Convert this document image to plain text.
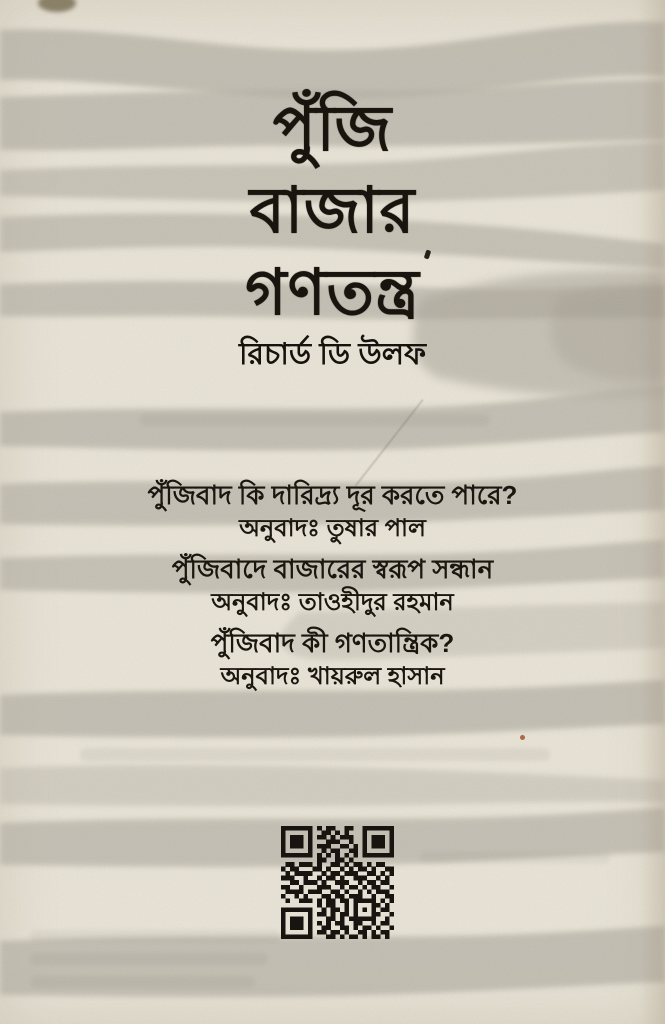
পুঁজি
বাজার
গণতন্ত্র
রিচার্ড ডি উলফ
পুঁজিবাদ কি দারিদ্র্য দূর করতে পারে?
অনুবাদঃ তুষার পাল
পুঁজিবাদে বাজারের স্বরূপ সন্ধান
অনুবাদঃ তাওহীদুর রহমান
পুঁজিবাদ কী গণতান্ত্রিক?
অনুবাদঃ খায়রুল হাসান
